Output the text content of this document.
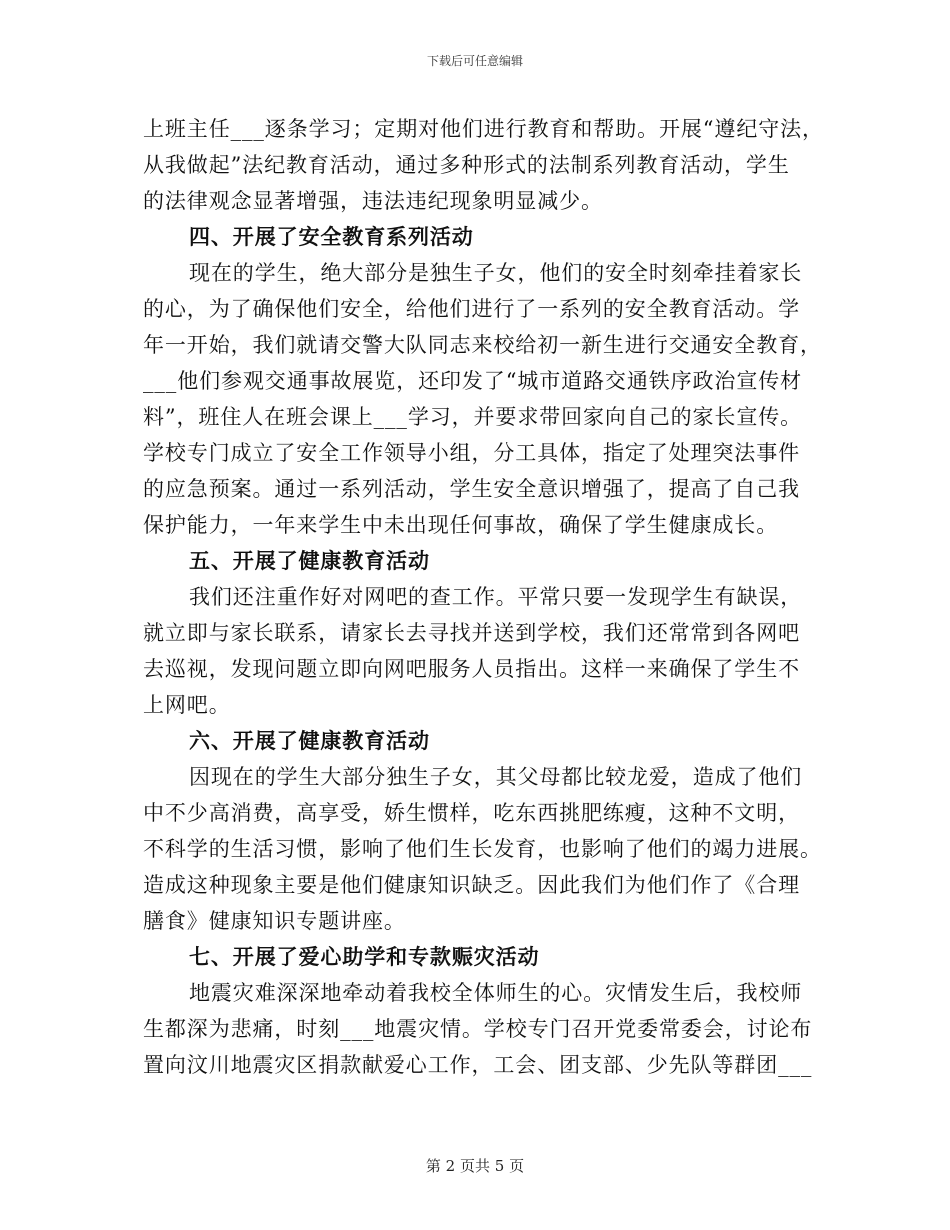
下载后可任意编辑
上班主任___逐条学习；定期对他们进行教育和帮助。开展“遵纪守法，
从我做起”法纪教育活动，通过多种形式的法制系列教育活动，学生
的法律观念显著增强，违法违纪现象明显减少。
四、开展了安全教育系列活动
现在的学生，绝大部分是独生子女，他们的安全时刻牵挂着家长
的心，为了确保他们安全，给他们进行了一系列的安全教育活动。学
年一开始，我们就请交警大队同志来校给初一新生进行交通安全教育，
___他们参观交通事故展览，还印发了“城市道路交通铁序政治宣传材
料”，班住人在班会课上___学习，并要求带回家向自己的家长宣传。
学校专门成立了安全工作领导小组，分工具体，指定了处理突法事件
的应急预案。通过一系列活动，学生安全意识增强了，提高了自己我
保护能力，一年来学生中未出现任何事故，确保了学生健康成长。
五、开展了健康教育活动
我们还注重作好对网吧的查工作。平常只要一发现学生有缺误，
就立即与家长联系，请家长去寻找并送到学校，我们还常常到各网吧
去巡视，发现问题立即向网吧服务人员指出。这样一来确保了学生不
上网吧。
六、开展了健康教育活动
因现在的学生大部分独生子女，其父母都比较龙爱，造成了他们
中不少高消费，高享受，娇生惯样，吃东西挑肥练瘦，这种不文明，
不科学的生活习惯，影响了他们生长发育，也影响了他们的竭力进展。
造成这种现象主要是他们健康知识缺乏。因此我们为他们作了《合理
膳食》健康知识专题讲座。
七、开展了爱心助学和专款赈灾活动
地震灾难深深地牵动着我校全体师生的心。灾情发生后，我校师
生都深为悲痛，时刻___地震灾情。学校专门召开党委常委会，讨论布
置向汶川地震灾区捐款献爱心工作，工会、团支部、少先队等群团___
第 2 页共 5 页
